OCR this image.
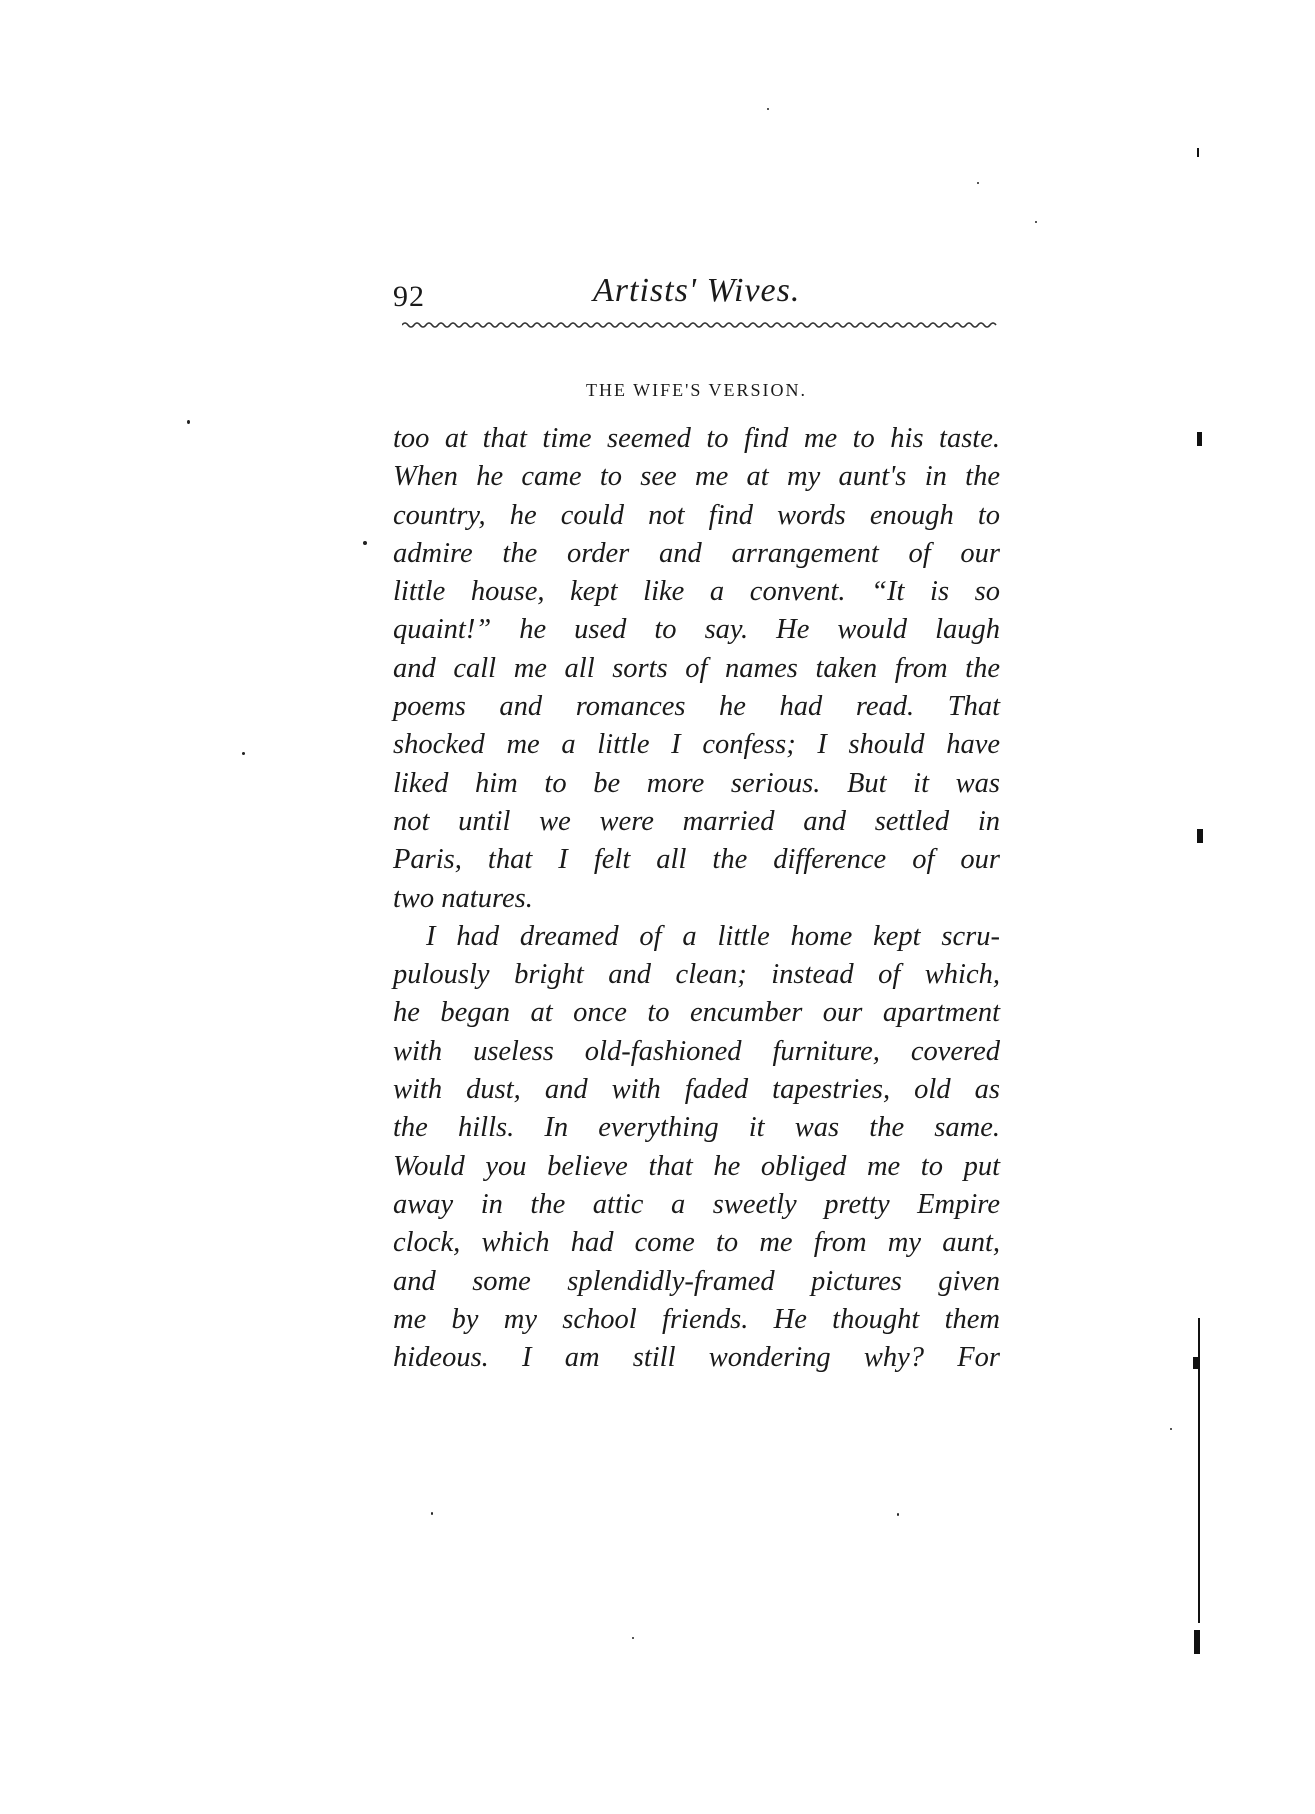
92	Artists' Wives.
THE WIFE'S VERSION.
too at that time seemed to find me to his taste.
When he came to see me at my aunt's in the
country, he could not find words enough to
admire the order and arrangement of our
little house, kept like a convent. “It is so
quaint!” he used to say. He would laugh
and call me all sorts of names taken from the
poems and romances he had read. That
shocked me a little I confess; I should have
liked him to be more serious. But it was
not until we were married and settled in
Paris, that I felt all the difference of our
two natures.
I had dreamed of a little home kept scru-
pulously bright and clean; instead of which,
he began at once to encumber our apartment
with useless old-fashioned furniture, covered
with dust, and with faded tapestries, old as
the hills. In everything it was the same.
Would you believe that he obliged me to put
away in the attic a sweetly pretty Empire
clock, which had come to me from my aunt,
and some splendidly-framed pictures given
me by my school friends. He thought them
hideous. I am still wondering why? For
